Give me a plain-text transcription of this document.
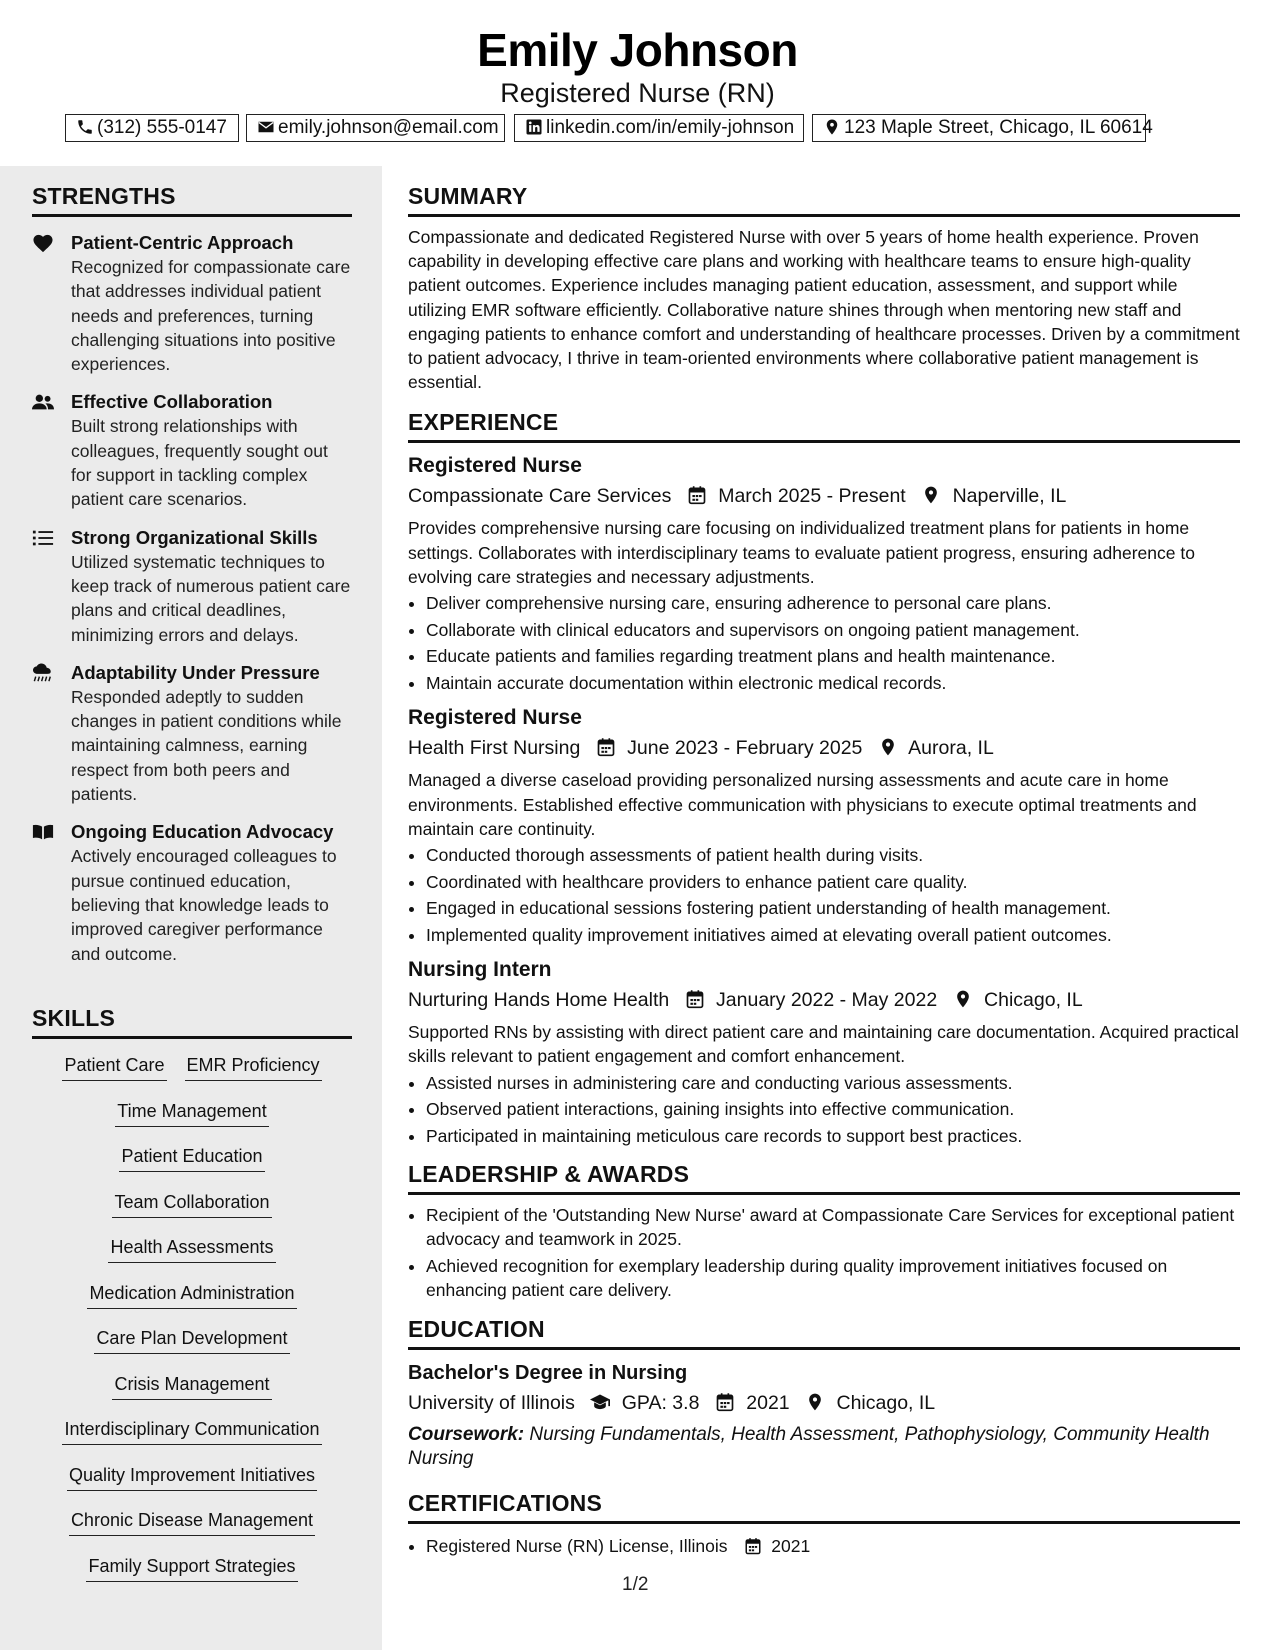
Emily Johnson
Registered Nurse (RN)
(312) 555-0147	emily.johnson@email.com	linkedin.com/in/emily-johnson	123 Maple Street, Chicago, IL 60614
STRENGTHS
Patient-Centric Approach
Recognized for compassionate care that addresses individual patient needs and preferences, turning challenging situations into positive experiences.
Effective Collaboration
Built strong relationships with colleagues, frequently sought out for support in tackling complex patient care scenarios.
Strong Organizational Skills
Utilized systematic techniques to keep track of numerous patient care plans and critical deadlines, minimizing errors and delays.
Adaptability Under Pressure
Responded adeptly to sudden changes in patient conditions while maintaining calmness, earning respect from both peers and patients.
Ongoing Education Advocacy
Actively encouraged colleagues to pursue continued education, believing that knowledge leads to improved caregiver performance and outcome.
SKILLS
Patient Care EMR Proficiency
Time Management
Patient Education
Team Collaboration
Health Assessments
Medication Administration
Care Plan Development
Crisis Management
Interdisciplinary Communication
Quality Improvement Initiatives
Chronic Disease Management
Family Support Strategies
SUMMARY
Compassionate and dedicated Registered Nurse with over 5 years of home health experience. Proven capability in developing effective care plans and working with healthcare teams to ensure high-quality patient outcomes. Experience includes managing patient education, assessment, and support while utilizing EMR software efficiently. Collaborative nature shines through when mentoring new staff and engaging patients to enhance comfort and understanding of healthcare processes. Driven by a commitment to patient advocacy, I thrive in team-oriented environments where collaborative patient management is essential.
EXPERIENCE
Registered Nurse
Compassionate Care Services March 2025 - Present Naperville, IL
Provides comprehensive nursing care focusing on individualized treatment plans for patients in home settings. Collaborates with interdisciplinary teams to evaluate patient progress, ensuring adherence to evolving care strategies and necessary adjustments.
• Deliver comprehensive nursing care, ensuring adherence to personal care plans.
• Collaborate with clinical educators and supervisors on ongoing patient management.
• Educate patients and families regarding treatment plans and health maintenance.
• Maintain accurate documentation within electronic medical records.
Registered Nurse
Health First Nursing June 2023 - February 2025 Aurora, IL
Managed a diverse caseload providing personalized nursing assessments and acute care in home environments. Established effective communication with physicians to execute optimal treatments and maintain care continuity.
• Conducted thorough assessments of patient health during visits.
• Coordinated with healthcare providers to enhance patient care quality.
• Engaged in educational sessions fostering patient understanding of health management.
• Implemented quality improvement initiatives aimed at elevating overall patient outcomes.
Nursing Intern
Nurturing Hands Home Health January 2022 - May 2022 Chicago, IL
Supported RNs by assisting with direct patient care and maintaining care documentation. Acquired practical skills relevant to patient engagement and comfort enhancement.
• Assisted nurses in administering care and conducting various assessments.
• Observed patient interactions, gaining insights into effective communication.
• Participated in maintaining meticulous care records to support best practices.
LEADERSHIP & AWARDS
• Recipient of the 'Outstanding New Nurse' award at Compassionate Care Services for exceptional patient advocacy and teamwork in 2025.
• Achieved recognition for exemplary leadership during quality improvement initiatives focused on enhancing patient care delivery.
EDUCATION
Bachelor's Degree in Nursing
University of Illinois GPA: 3.8 2021 Chicago, IL
Coursework: Nursing Fundamentals, Health Assessment, Pathophysiology, Community Health Nursing
CERTIFICATIONS
• Registered Nurse (RN) License, Illinois	2021
1/2
